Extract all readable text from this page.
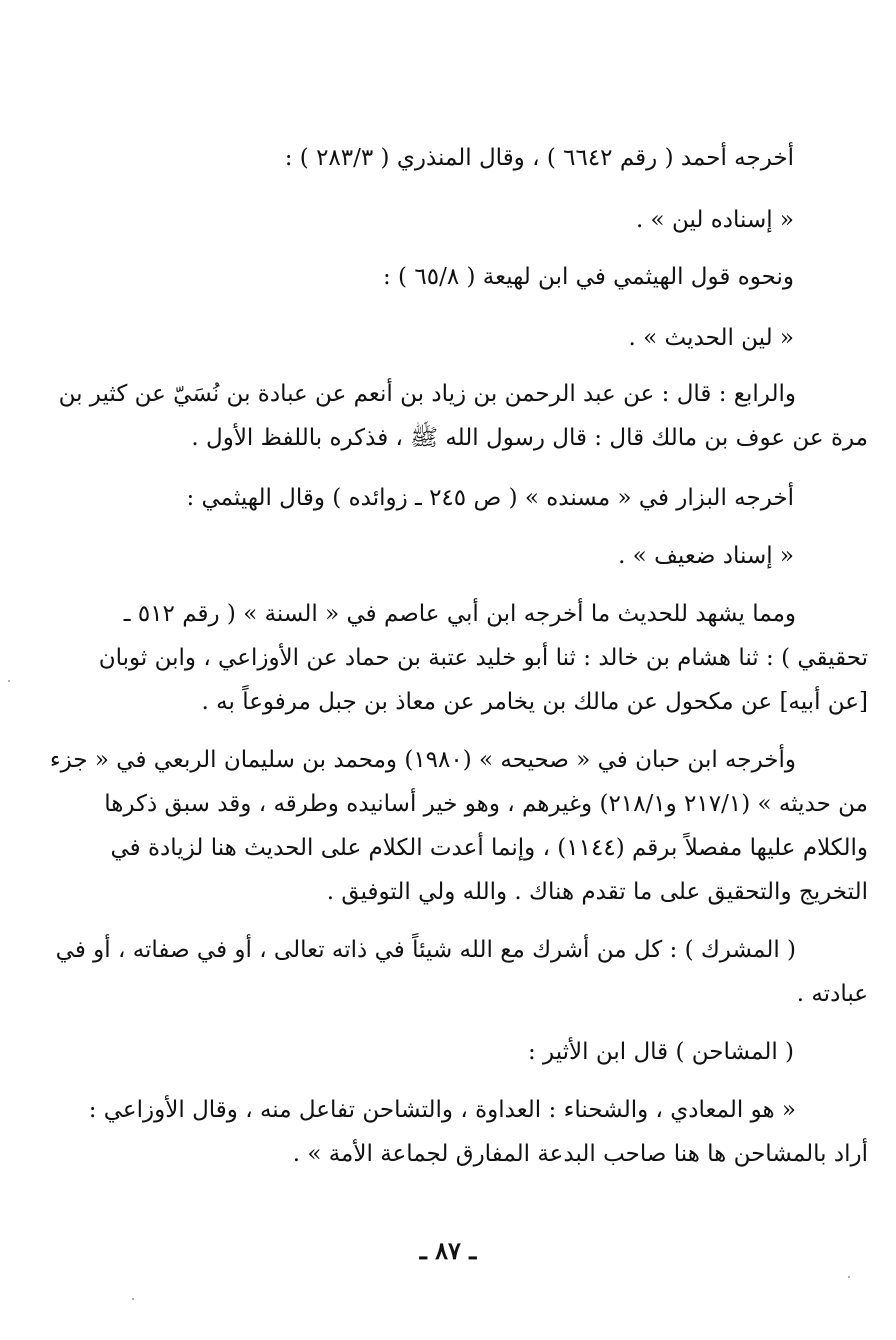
أخرجه أحمد ( رقم ٦٦٤٢ ) ، وقال المنذري ( ٢٨٣/٣ ) :
« إسناده لين » .
ونحوه قول الهيثمي في ابن لهيعة ( ٦٥/٨ ) :
« لين الحديث » .
والرابع : قال : عن عبد الرحمن بن زياد بن أنعم عن عبادة بن نُسَيّ عن كثير بن
مرة عن عوف بن مالك قال : قال رسول الله ﷺ ، فذكره باللفظ الأول .
أخرجه البزار في « مسنده » ( ص ٢٤٥ ـ زوائده ) وقال الهيثمي :
« إسناد ضعيف » .
ومما يشهد للحديث ما أخرجه ابن أبي عاصم في « السنة » ( رقم ٥١٢ ـ
تحقيقي ) : ثنا هشام بن خالد : ثنا أبو خليد عتبة بن حماد عن الأوزاعي ، وابن ثوبان
[عن أبيه] عن مكحول عن مالك بن يخامر عن معاذ بن جبل مرفوعاً به .
وأخرجه ابن حبان في « صحيحه » (١٩٨٠) ومحمد بن سليمان الربعي في « جزء
من حديثه » (٢١٧/١ و٢١٨/١) وغيرهم ، وهو خير أسانيده وطرقه ، وقد سبق ذكرها
والكلام عليها مفصلاً برقم (١١٤٤) ، وإنما أعدت الكلام على الحديث هنا لزيادة في
التخريج والتحقيق على ما تقدم هناك . والله ولي التوفيق .
( المشرك ) : كل من أشرك مع الله شيئاً في ذاته تعالى ، أو في صفاته ، أو في
عبادته .
( المشاحن ) قال ابن الأثير :
« هو المعادي ، والشحناء : العداوة ، والتشاحن تفاعل منه ، وقال الأوزاعي :
أراد بالمشاحن ها هنا صاحب البدعة المفارق لجماعة الأمة » .
ـ ٨٧ ـ
